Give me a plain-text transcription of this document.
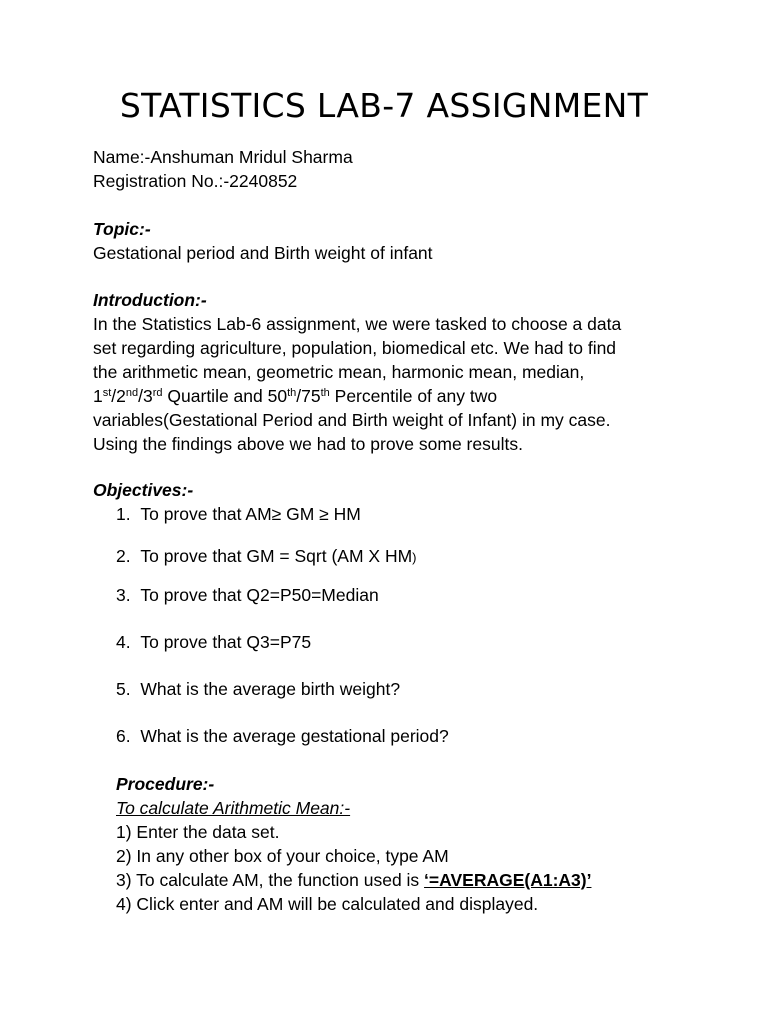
STATISTICS LAB-7 ASSIGNMENT
Name:-Anshuman Mridul Sharma
Registration No.:-2240852
Topic:-
Gestational period and Birth weight of infant
Introduction:-
In the Statistics Lab-6 assignment, we were tasked to choose a data
set regarding agriculture, population, biomedical etc. We had to find
the arithmetic mean, geometric mean, harmonic mean, median,
1st/2nd/3rd Quartile and 50th/75th Percentile of any two
variables(Gestational Period and Birth weight of Infant) in my case.
Using the findings above we had to prove some results.
Objectives:-
1. To prove that AM≥ GM ≥ HM
2. To prove that GM = Sqrt (AM X HM)
3. To prove that Q2=P50=Median
4. To prove that Q3=P75
5. What is the average birth weight?
6. What is the average gestational period?
Procedure:-
To calculate Arithmetic Mean:-
1) Enter the data set.
2) In any other box of your choice, type AM
3) To calculate AM, the function used is ‘=AVERAGE(A1:A3)’
4) Click enter and AM will be calculated and displayed.
